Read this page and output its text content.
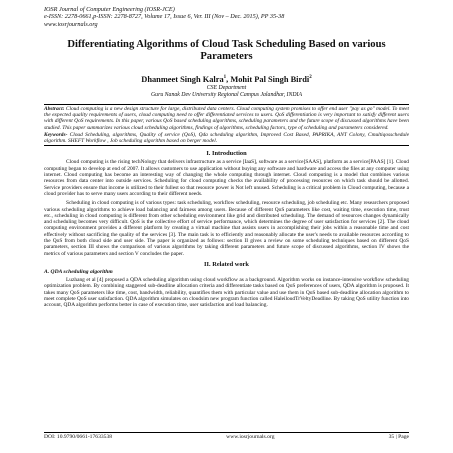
IOSR Journal of Computer Engineering (IOSR-JCE)
e-ISSN: 2278-0661,p-ISSN: 2278-8727, Volume 17, Issue 6, Ver. III (Nov – Dec. 2015), PP 35-38
www.iosrjournals.org
Differentiating Algorithms of Cloud Task Scheduling Based on various Parameters
Dhanmeet Singh Kalra$^1$, Mohit Pal Singh Birdi$^2$
CSE Department
Guru Nanak Dev University Regional Campus Jalandhar, INDIA
Abstract: Cloud computing is a new design structure for large, distributed data centers. Cloud computing system promises to offer end user "pay as go" model. To meet the expected quality requirements of users, cloud computing need to offer differentiated services to users. QoS differentiation is very important to satisfy different users with different QoS requirements. In this paper, various QoS based scheduling algorithms, scheduling parameters and the future scope of discussed algorithms have been studied. This paper summarizes various cloud scheduling algorithms, findings of algorithms, scheduling factors, type of scheduling and parameters considered.
Keywords- Cloud Scheduling, algorithms, Quality of service (QoS), Qda scheduling algorithm, Improved Cost Based, PAPRIKA, ANT Colony, Cmultiqosschedule algorithm. SHEFT Workflow , Job scheduling algorithm based on berger model.
I. Introduction

Cloud computing is the rising techNology that delivers infrastructure as a service [IaaS], software as a service[SAAS], platform as a service[PAAS] [1]. Cloud computing began to develop at end of 2007. It allows customers to use application without buying any software and hardware and access the files at any computer using internet. Cloud computing has become an interesting way of changing the whole computing through internet. Cloud computing is a model that combines various resources from data center into outside services. Scheduling for cloud computing checks the availability of processing resources on which task should be allotted. Service providers ensure that income is utilized to their fullest so that resource power is Not left unused. Scheduling is a critical problem in Cloud computing, because a cloud provider has to serve many users according to their different needs.

Scheduling in cloud computing is of various types: task scheduling, workflow scheduling, resource scheduling, job scheduling etc. Many researchers proposed various scheduling algorithms to achieve load balancing and fairness among users. Because of different QoS parameters like cost, waiting time, execution time, trust etc., scheduling in cloud computing is different from other scheduling environment like grid and distributed scheduling. The demand of resources changes dynamically and scheduling becomes very difficult. QoS is the collective effort of service performance, which determines the degree of user satisfaction for services [2]. The cloud computing environment provides a different platform by creating a virtual machine that assists users in accomplishing their jobs within a reasonable time and cost effectively without sacrificing the quality of the services [3]. The main task is to efficiently and reasonably allocate the user's needs to available resources according to the QoS from both cloud side and user side. The paper is organized as follows: section II gives a review on some scheduling techniques based on different QoS parameters, section III shows the comparison of various algorithms by taking different parameters and future scope of discussed algorithms, section IV shows the metrics of various parameters and section V concludes the paper.

II. Related work
A. QDA scheduling algorithm

Luzhang et al [4] proposed a QDA scheduling algorithm using cloud workflow as a background. Algorithm works on instance-intensive workflow scheduling optimization problem. By combining staggered sub-deadline allocation criteria and differentiate tasks based on QoS preferences of users, QDA algorithm is proposed. It takes many QoS parameters like time, cost, bandwidth, reliability, quantifies them with particular value and use them in QoS based sub-deadline allocation algorithm to meet complete QoS user satisfaction. QDA algorithm simulates on cloudsim new program function called HaleiloudTrVeltyDeadline. By taking QoS utility function into account, QDA algorithm performs better in case of execution time, user satisfaction and load balancing.

DOI: 10.9790/0661-17633538	www.iosrjournals.org	35 | Page
